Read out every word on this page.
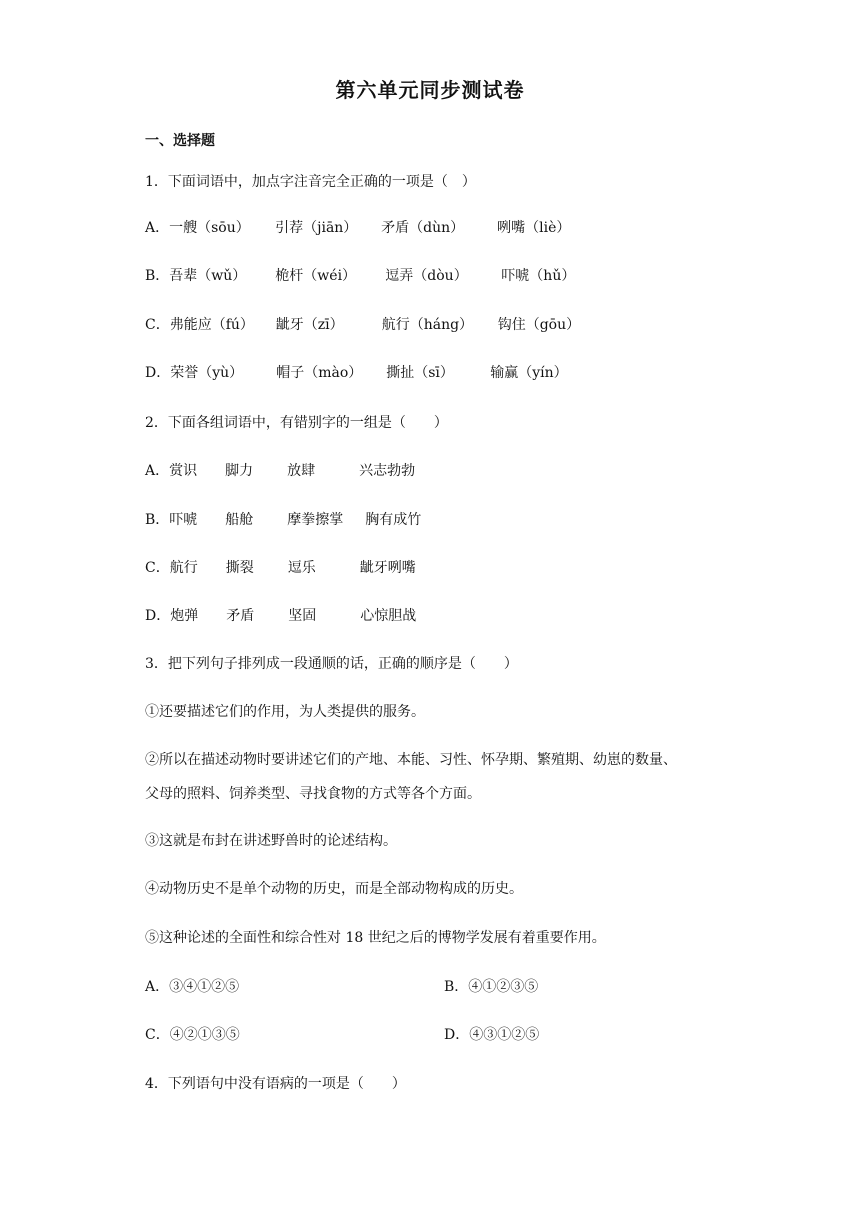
第六单元同步测试卷
一、选择题
1．下面词语中，加点字注音完全正确的一项是（　）
A．一艘（sōu） 引荐（jiān） 矛盾（dùn） 咧嘴（liè）
B．吾辈（wǔ） 桅杆（wéi） 逗弄（dòu） 吓唬（hǔ）
C．弗能应（fú） 龇牙（zī）	航行（háng） 钩住（gōu）
D．荣誉（yù） 帽子（mào） 撕扯（sī）	输赢（yín）
2．下面各组词语中，有错别字的一组是（　　）
A．赏识 脚力 放肆	兴志勃勃
B．吓唬 船舱 摩拳擦掌 胸有成竹
C．航行 撕裂 逗乐	龇牙咧嘴
D．炮弹 矛盾 坚固	心惊胆战
3．把下列句子排列成一段通顺的话，正确的顺序是（　　）
①还要描述它们的作用，为人类提供的服务。
②所以在描述动物时要讲述它们的产地、本能、习性、怀孕期、繁殖期、幼崽的数量、
父母的照料、饲养类型、寻找食物的方式等各个方面。
③这就是布封在讲述野兽时的论述结构。
④动物历史不是单个动物的历史，而是全部动物构成的历史。
⑤这种论述的全面性和综合性对 18 世纪之后的博物学发展有着重要作用。
A．③④①②⑤	B．④①②③⑤
C．④②①③⑤	D．④③①②⑤
4．下列语句中没有语病的一项是（　　）
